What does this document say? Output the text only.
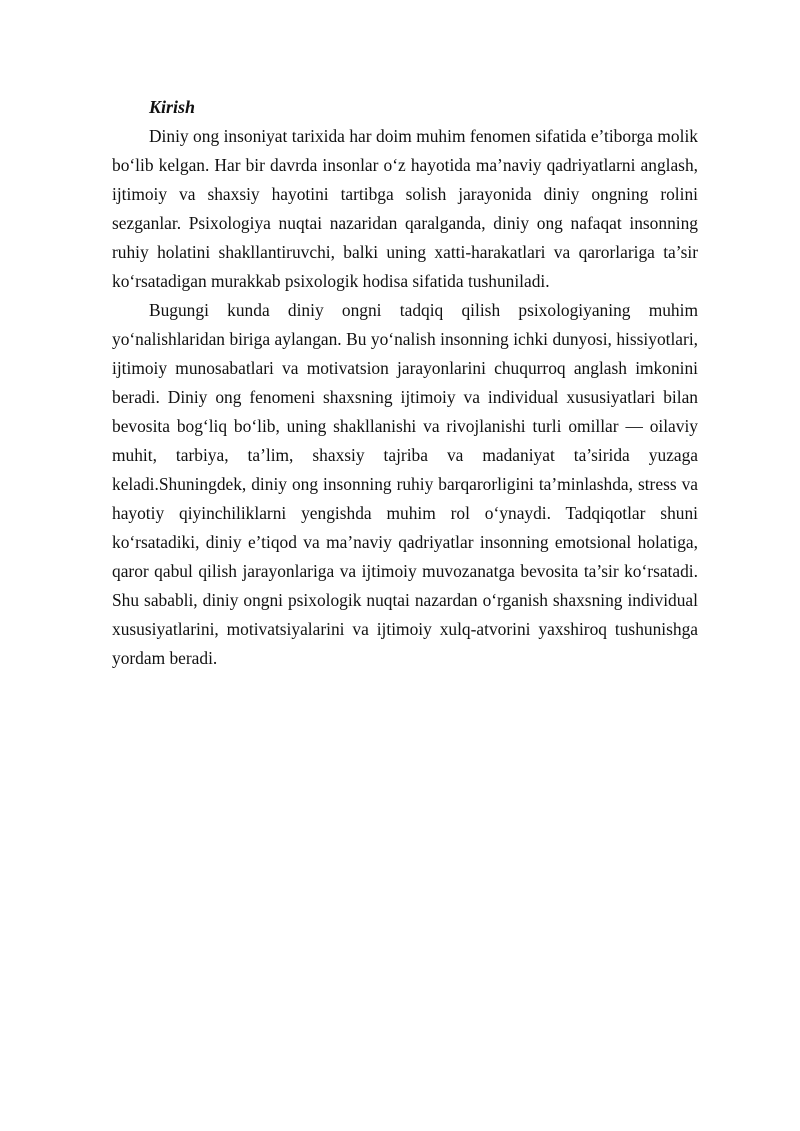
Kirish

Diniy ong insoniyat tarixida har doim muhim fenomen sifatida e’tiborga molik bo‘lib kelgan. Har bir davrda insonlar o‘z hayotida ma’naviy qadriyatlarni anglash, ijtimoiy va shaxsiy hayotini tartibga solish jarayonida diniy ongning rolini sezganlar. Psixologiya nuqtai nazaridan qaralganda, diniy ong nafaqat insonning ruhiy holatini shakllantiruvchi, balki uning xatti-harakatlari va qarorlariga ta’sir ko‘rsatadigan murakkab psixologik hodisa sifatida tushuniladi.

Bugungi kunda diniy ongni tadqiq qilish psixologiyaning muhim yo‘nalishlaridan biriga aylangan. Bu yo‘nalish insonning ichki dunyosi, hissiyotlari, ijtimoiy munosabatlari va motivatsion jarayonlarini chuqurroq anglash imkonini beradi. Diniy ong fenomeni shaxsning ijtimoiy va individual xususiyatlari bilan bevosita bog‘liq bo‘lib, uning shakllanishi va rivojlanishi turli omillar — oilaviy muhit, tarbiya, ta’lim, shaxsiy tajriba va madaniyat ta’sirida yuzaga keladi.Shuningdek, diniy ong insonning ruhiy barqarorligini ta’minlashda, stress va hayotiy qiyinchiliklarni yengishda muhim rol o‘ynaydi. Tadqiqotlar shuni ko‘rsatadiki, diniy e’tiqod va ma’naviy qadriyatlar insonning emotsional holatiga, qaror qabul qilish jarayonlariga va ijtimoiy muvozanatga bevosita ta’sir ko‘rsatadi. Shu sababli, diniy ongni psixologik nuqtai nazardan o‘rganish shaxsning individual xususiyatlarini, motivatsiyalarini va ijtimoiy xulq-atvorini yaxshiroq tushunishga yordam beradi.
